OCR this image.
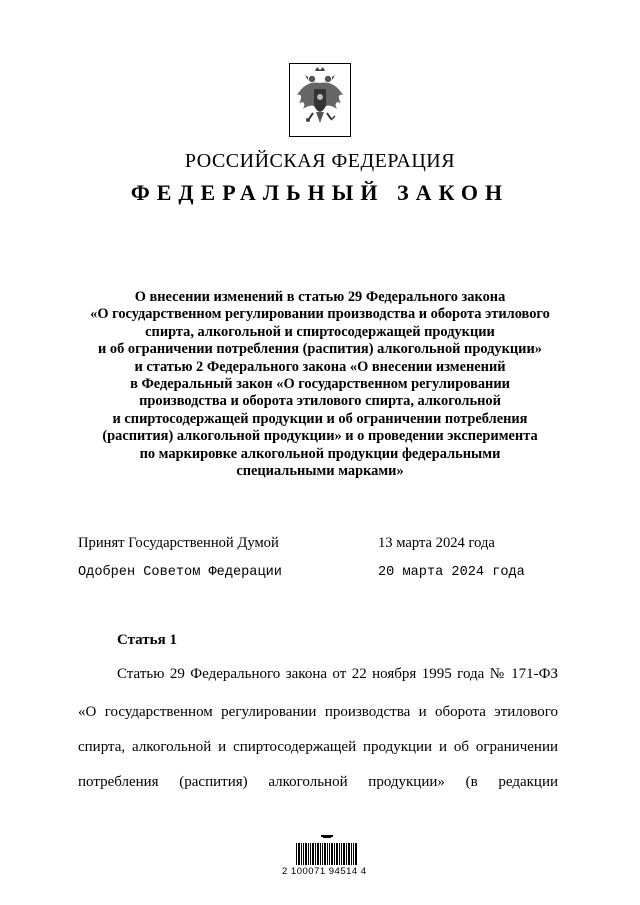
РОССИЙСКАЯ ФЕДЕРАЦИЯ
ФЕДЕРАЛЬНЫЙ ЗАКОН
О внесении изменений в статью 29 Федерального закона
«О государственном регулировании производства и оборота этилового
спирта, алкогольной и спиртосодержащей продукции
и об ограничении потребления (распития) алкогольной продукции»
и статью 2 Федерального закона «О внесении изменений
в Федеральный закон «О государственном регулировании
производства и оборота этилового спирта, алкогольной
и спиртосодержащей продукции и об ограничении потребления
(распития) алкогольной продукции» и о проведении эксперимента
по маркировке алкогольной продукции федеральными
специальными марками»
Принят Государственной Думой	13 марта 2024 года
Одобрен Советом Федерации	20 марта 2024 года
Статья 1
Статью 29 Федерального закона от 22 ноября 1995 года № 171-ФЗ
«О государственном регулировании производства и оборота этилового
спирта, алкогольной и спиртосодержащей продукции и об ограничении
потребления (распития) алкогольной продукции» (в редакции
2 100071 94514 4
